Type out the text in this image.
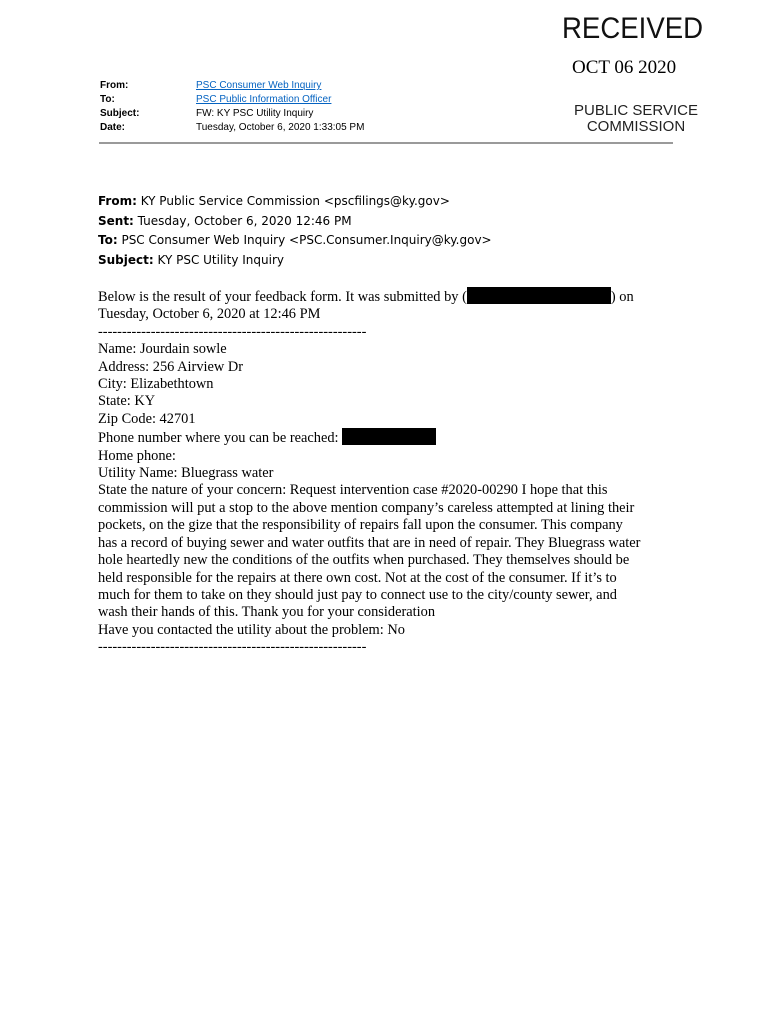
RECEIVED
OCT 06 2020
PUBLIC SERVICE
COMMISSION
From:	PSC Consumer Web Inquiry
To:	PSC Public Information Officer
Subject:	FW: KY PSC Utility Inquiry
Date:	Tuesday, October 6, 2020 1:33:05 PM
From: KY Public Service Commission <pscfilings@ky.gov>
Sent: Tuesday, October 6, 2020 12:46 PM
To: PSC Consumer Web Inquiry <PSC.Consumer.Inquiry@ky.gov>
Subject: KY PSC Utility Inquiry
Below is the result of your feedback form. It was submitted by (	) on
Tuesday, October 6, 2020 at 12:46 PM
--------------------------------------------------------
Name: Jourdain sowle
Address: 256 Airview Dr
City: Elizabethtown
State: KY
Zip Code: 42701
Phone number where you can be reached:
Home phone:
Utility Name: Bluegrass water
State the nature of your concern: Request intervention case #2020-00290 I hope that this
commission will put a stop to the above mention company’s careless attempted at lining their
pockets, on the gize that the responsibility of repairs fall upon the consumer. This company
has a record of buying sewer and water outfits that are in need of repair. They Bluegrass water
hole heartedly new the conditions of the outfits when purchased. They themselves should be
held responsible for the repairs at there own cost. Not at the cost of the consumer. If it’s to
much for them to take on they should just pay to connect use to the city/county sewer, and
wash their hands of this. Thank you for your consideration
Have you contacted the utility about the problem: No
--------------------------------------------------------
